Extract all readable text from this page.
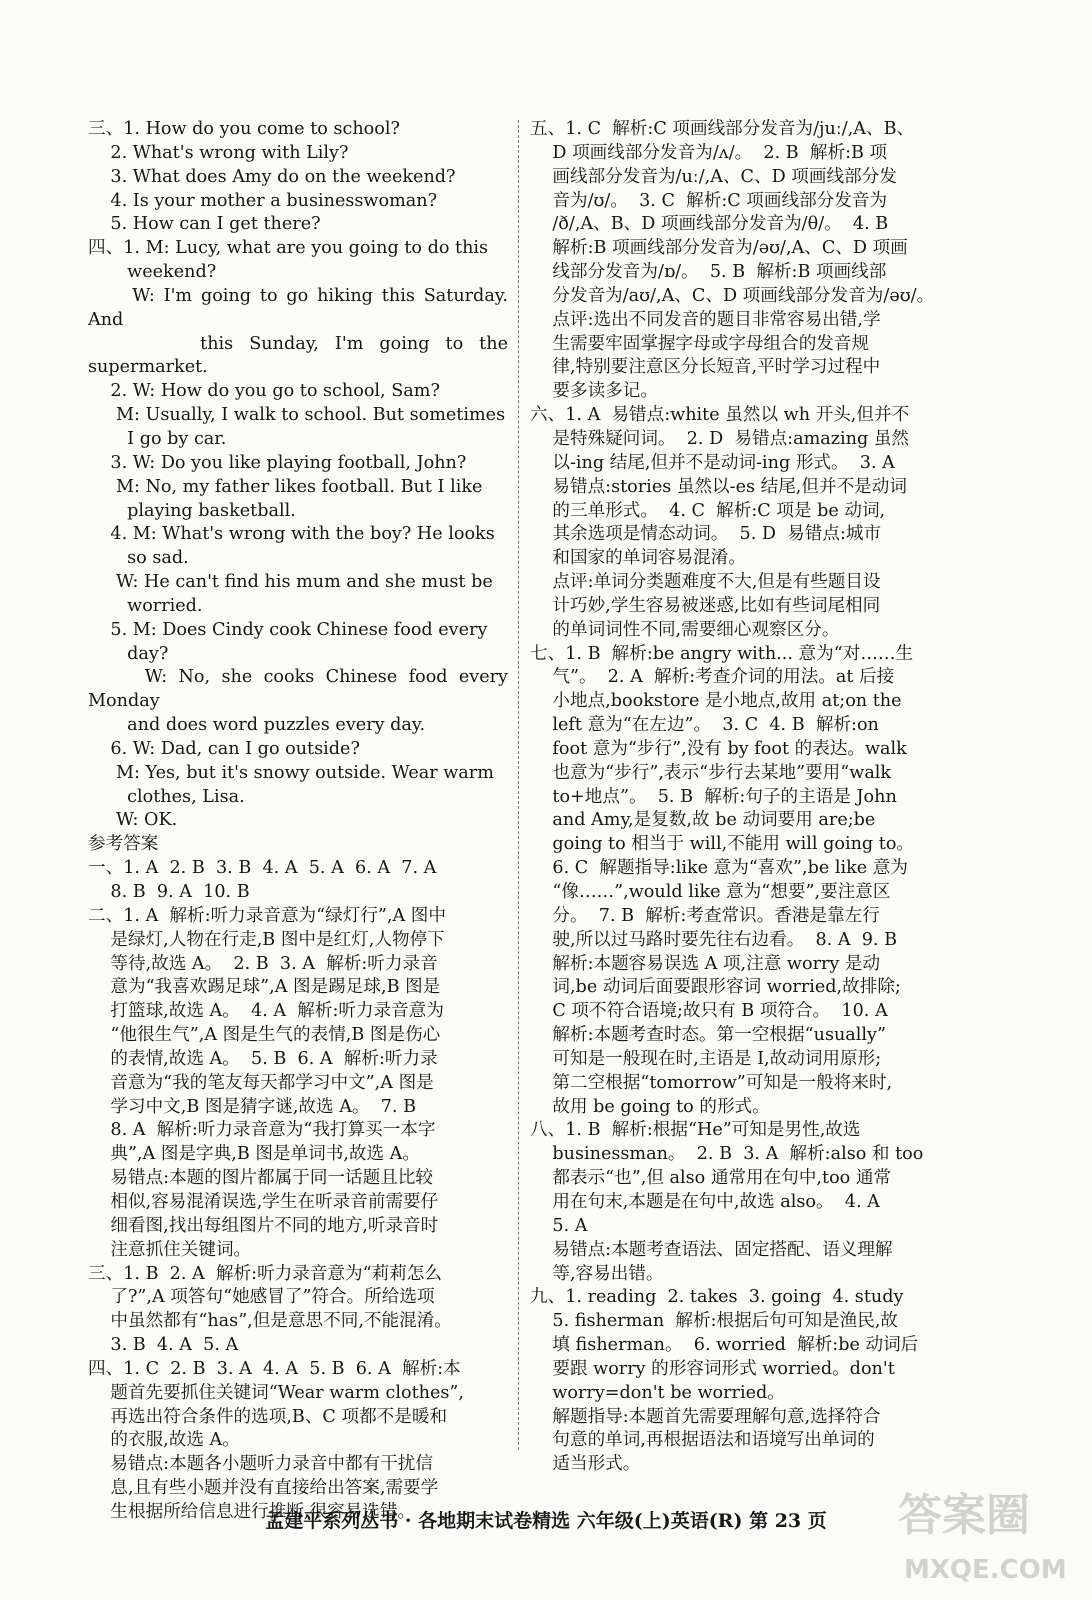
三、1. How do you come to school?

2. What's wrong with Lily?

3. What does Amy do on the weekend?

4. Is your mother a businesswoman?

5. How can I get there?

四、1. M: Lucy, what are you going to do this

weekend?

W: I'm going to go hiking this Saturday. And

this Sunday, I'm going to the supermarket.

2. W: How do you go to school, Sam?

M: Usually, I walk to school. But sometimes

I go by car.

3. W: Do you like playing football, John?

M: No, my father likes football. But I like

playing basketball.

4. M: What's wrong with the boy? He looks

so sad.

W: He can't find his mum and she must be

worried.

5. M: Does Cindy cook Chinese food every

day?

W: No, she cooks Chinese food every Monday

and does word puzzles every day.

6. W: Dad, can I go outside?

M: Yes, but it's snowy outside. Wear warm

clothes, Lisa.

W: OK.

参考答案

一、1. A  2. B  3. B  4. A  5. A  6. A  7. A

8. B  9. A  10. B

二、1. A  解析:听力录音意为“绿灯行”,A 图中

是绿灯,人物在行走,B 图中是红灯,人物停下

等待,故选 A。  2. B  3. A  解析:听力录音

意为“我喜欢踢足球”,A 图是踢足球,B 图是

打篮球,故选 A。  4. A  解析:听力录音意为

“他很生气”,A 图是生气的表情,B 图是伤心

的表情,故选 A。  5. B  6. A  解析:听力录

音意为“我的笔友每天都学习中文”,A 图是

学习中文,B 图是猜字谜,故选 A。  7. B

8. A  解析:听力录音意为“我打算买一本字

典”,A 图是字典,B 图是单词书,故选 A。

易错点:本题的图片都属于同一话题且比较

相似,容易混淆误选,学生在听录音前需要仔

细看图,找出每组图片不同的地方,听录音时

注意抓住关键词。

三、1. B  2. A  解析:听力录音意为“莉莉怎么

了?”,A 项答句“她感冒了”符合。所给选项

中虽然都有“has”,但是意思不同,不能混淆。

3. B  4. A  5. A

四、1. C  2. B  3. A  4. A  5. B  6. A  解析:本

题首先要抓住关键词“Wear warm clothes”,

再选出符合条件的选项,B、C 项都不是暖和

的衣服,故选 A。

易错点:本题各小题听力录音中都有干扰信

息,且有些小题并没有直接给出答案,需要学

生根据所给信息进行推断,很容易选错。

五、1. C  解析:C 项画线部分发音为/juː/,A、B、

D 项画线部分发音为/ʌ/。  2. B  解析:B 项

画线部分发音为/uː/,A、C、D 项画线部分发

音为/ʊ/。  3. C  解析:C 项画线部分发音为

/ð/,A、B、D 项画线部分发音为/θ/。  4. B

解析:B 项画线部分发音为/əʊ/,A、C、D 项画

线部分发音为/ɒ/。  5. B  解析:B 项画线部

分发音为/aʊ/,A、C、D 项画线部分发音为/əʊ/。

点评:选出不同发音的题目非常容易出错,学

生需要牢固掌握字母或字母组合的发音规

律,特别要注意区分长短音,平时学习过程中

要多读多记。

六、1. A  易错点:white 虽然以 wh 开头,但并不

是特殊疑问词。  2. D  易错点:amazing 虽然

以-ing 结尾,但并不是动词-ing 形式。  3. A

易错点:stories 虽然以-es 结尾,但并不是动词

的三单形式。  4. C  解析:C 项是 be 动词,

其余选项是情态动词。  5. D  易错点:城市

和国家的单词容易混淆。

点评:单词分类题难度不大,但是有些题目设

计巧妙,学生容易被迷惑,比如有些词尾相同

的单词词性不同,需要细心观察区分。

七、1. B  解析:be angry with... 意为“对……生

气”。  2. A  解析:考查介词的用法。at 后接

小地点,bookstore 是小地点,故用 at;on the

left 意为“在左边”。  3. C  4. B  解析:on

foot 意为“步行”,没有 by foot 的表达。walk

也意为“步行”,表示“步行去某地”要用“walk

to+地点”。  5. B  解析:句子的主语是 John

and Amy,是复数,故 be 动词要用 are;be

going to 相当于 will,不能用 will going to。

6. C  解题指导:like 意为“喜欢”,be like 意为

“像……”,would like 意为“想要”,要注意区

分。  7. B  解析:考查常识。香港是靠左行

驶,所以过马路时要先往右边看。  8. A  9. B

解析:本题容易误选 A 项,注意 worry 是动

词,be 动词后面要跟形容词 worried,故排除;

C 项不符合语境;故只有 B 项符合。  10. A

解析:本题考查时态。第一空根据“usually”

可知是一般现在时,主语是 I,故动词用原形;

第二空根据“tomorrow”可知是一般将来时,

故用 be going to 的形式。

八、1. B  解析:根据“He”可知是男性,故选

businessman。  2. B  3. A  解析:also 和 too

都表示“也”,但 also 通常用在句中,too 通常

用在句末,本题是在句中,故选 also。  4. A

5. A

易错点:本题考查语法、固定搭配、语义理解

等,容易出错。

九、1. reading  2. takes  3. going  4. study

5. fisherman  解析:根据后句可知是渔民,故

填 fisherman。  6. worried  解析:be 动词后

要跟 worry 的形容词形式 worried。don't

worry=don't be worried。

解题指导:本题首先需要理解句意,选择符合

句意的单词,再根据语法和语境写出单词的

适当形式。

孟建平系列丛书 · 各地期末试卷精选 六年级(上)英语(R) 第 23 页	答案圈
MXQE.COM
